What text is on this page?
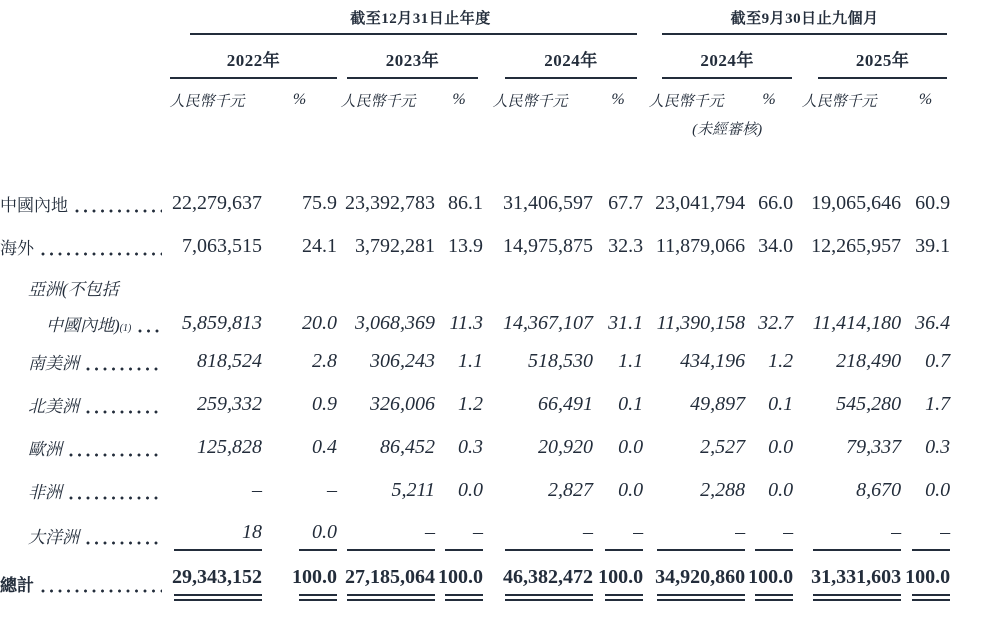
	截至12月31日止年度						截至9月30日止九個月			

	2022年		2023年		2024年		2024年		2025年	

	人民幣千元	%	人民幣千元	%	人民幣千元	%	人民幣千元	%	人民幣千元	%

							(未經審核)			

中國內地	22,279,637	75.9	23,392,783	86.1	31,406,597	67.7	23,041,794	66.0	19,065,646	60.9

海外	7,063,515	24.1	3,792,281	13.9	14,975,875	32.3	11,879,066	34.0	12,265,957	39.1

亞洲(不包括										

中國內地)$_{(1)}$	5,859,813	20.0	3,068,369	11.3	14,367,107	31.1	11,390,158	32.7	11,414,180	36.4

南美洲	818,524	2.8	306,243	1.1	518,530	1.1	434,196	1.2	218,490	0.7

北美洲	259,332	0.9	326,006	1.2	66,491	0.1	49,897	0.1	545,280	1.7

歐洲	125,828	0.4	86,452	0.3	20,920	0.0	2,527	0.0	79,337	0.3

非洲	–	–	5,211	0.0	2,827	0.0	2,288	0.0	8,670	0.0

大洋洲	18	0.0	–	–	–	–	–	–	–	–

總計	29,343,152	100.0	27,185,064	100.0	46,382,472	100.0	34,920,860	100.0	31,331,603	100.0
